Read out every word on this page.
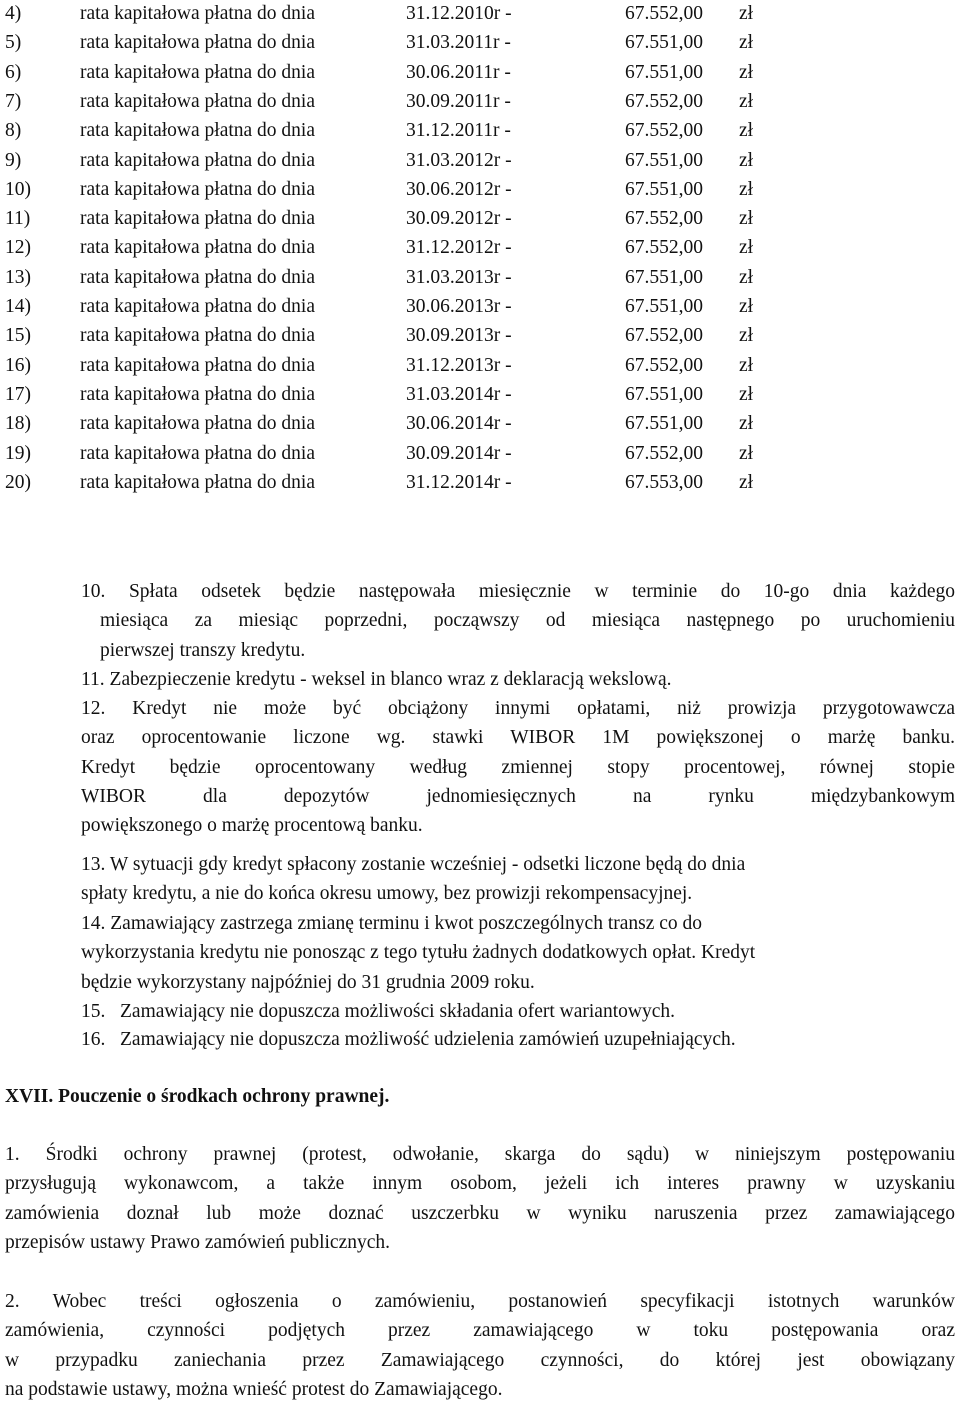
4)	rata kapitałowa płatna do dnia	31.12.2010r -	67.552,00 zł
5)	rata kapitałowa płatna do dnia	31.03.2011r -	67.551,00 zł
6)	rata kapitałowa płatna do dnia	30.06.2011r -	67.551,00 zł
7)	rata kapitałowa płatna do dnia	30.09.2011r -	67.552,00 zł
8)	rata kapitałowa płatna do dnia	31.12.2011r -	67.552,00 zł
9)	rata kapitałowa płatna do dnia	31.03.2012r -	67.551,00 zł
10)	rata kapitałowa płatna do dnia	30.06.2012r -	67.551,00 zł
11)	rata kapitałowa płatna do dnia	30.09.2012r -	67.552,00 zł
12)	rata kapitałowa płatna do dnia	31.12.2012r -	67.552,00 zł
13)	rata kapitałowa płatna do dnia	31.03.2013r -	67.551,00 zł
14)	rata kapitałowa płatna do dnia	30.06.2013r -	67.551,00 zł
15)	rata kapitałowa płatna do dnia	30.09.2013r -	67.552,00 zł
16)	rata kapitałowa płatna do dnia	31.12.2013r -	67.552,00 zł
17)	rata kapitałowa płatna do dnia	31.03.2014r -	67.551,00 zł
18)	rata kapitałowa płatna do dnia	30.06.2014r -	67.551,00 zł
19)	rata kapitałowa płatna do dnia	30.09.2014r -	67.552,00 zł
20)	rata kapitałowa płatna do dnia	31.12.2014r -	67.553,00 zł

10. Spłata odsetek będzie następowała miesięcznie w terminie do 10-go dnia każdego

miesiąca za miesiąc poprzedni, począwszy od miesiąca następnego po uruchomieniu

pierwszej transzy kredytu.

11. Zabezpieczenie kredytu - weksel in blanco wraz z deklaracją wekslową.

12. Kredyt nie może być obciążony innymi opłatami, niż prowizja przygotowawcza

oraz oprocentowanie liczone wg. stawki WIBOR 1M powiększonej o marżę banku.

Kredyt będzie oprocentowany według zmiennej stopy procentowej, równej stopie

WIBOR dla depozytów jednomiesięcznych na rynku międzybankowym

powiększonego o marżę procentową banku.

13. W sytuacji gdy kredyt spłacony zostanie wcześniej - odsetki liczone będą do dnia

spłaty kredytu, a nie do końca okresu umowy, bez prowizji rekompensacyjnej.

14. Zamawiający zastrzega zmianę terminu i kwot poszczególnych transz co do

wykorzystania kredytu nie ponosząc z tego tytułu żadnych dodatkowych opłat. Kredyt

będzie wykorzystany najpóźniej do 31 grudnia 2009 roku.

15.   Zamawiający nie dopuszcza możliwości składania ofert wariantowych.

16.   Zamawiający nie dopuszcza możliwość udzielenia zamówień uzupełniających.

XVII. Pouczenie o środkach ochrony prawnej.

1. Środki ochrony prawnej (protest, odwołanie, skarga do sądu) w niniejszym postępowaniu

przysługują wykonawcom, a także innym osobom, jeżeli ich interes prawny w uzyskaniu

zamówienia doznał lub może doznać uszczerbku w wyniku naruszenia przez zamawiającego

przepisów ustawy Prawo zamówień publicznych.

2. Wobec treści ogłoszenia o zamówieniu, postanowień specyfikacji istotnych warunków

zamówienia, czynności podjętych przez zamawiającego w toku postępowania oraz

w przypadku zaniechania przez Zamawiającego czynności, do której jest obowiązany

na podstawie ustawy, można wnieść protest do Zamawiającego.
